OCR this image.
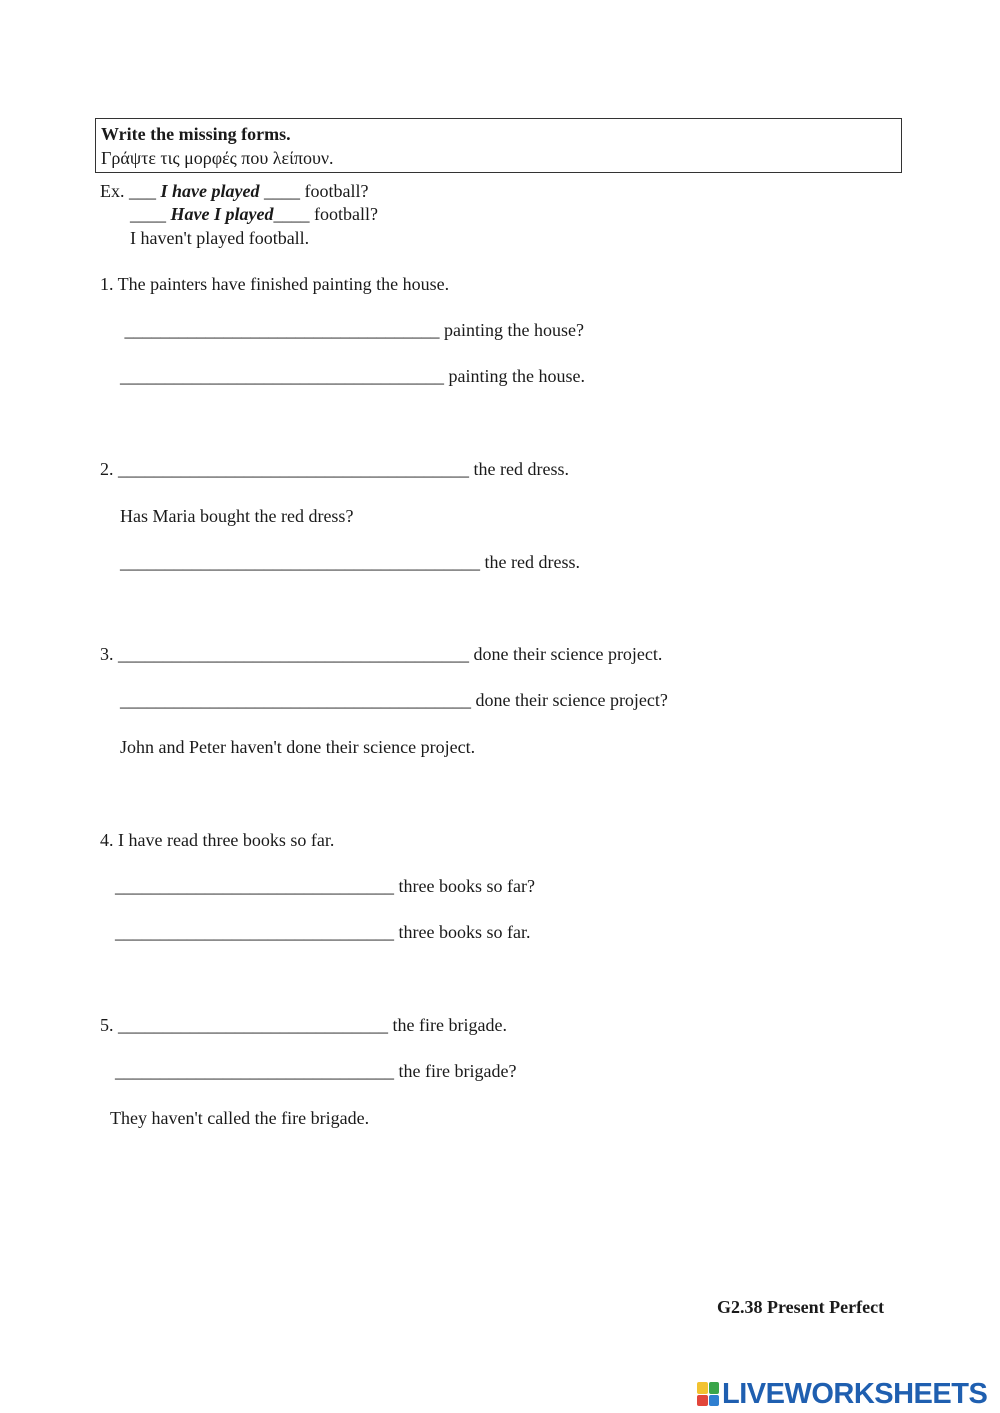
Write the missing forms.
Γράψτε τις μορφές που λείπουν.
Ex. ___ I have played ____ football?
____ Have I played____ football?
I haven't played football.
1. The painters have finished painting the house.
___________________________________ painting the house?
____________________________________ painting the house.
2. _______________________________________ the red dress.
Has Maria bought the red dress?
________________________________________ the red dress.
3. _______________________________________ done their science project.
_______________________________________ done their science project?
John and Peter haven't done their science project.
4. I have read three books so far.
_______________________________ three books so far?
_______________________________ three books so far.
5. ______________________________ the fire brigade.
_______________________________ the fire brigade?
They haven't called the fire brigade.
G2.38 Present Perfect
LIVEWORKSHEETS
